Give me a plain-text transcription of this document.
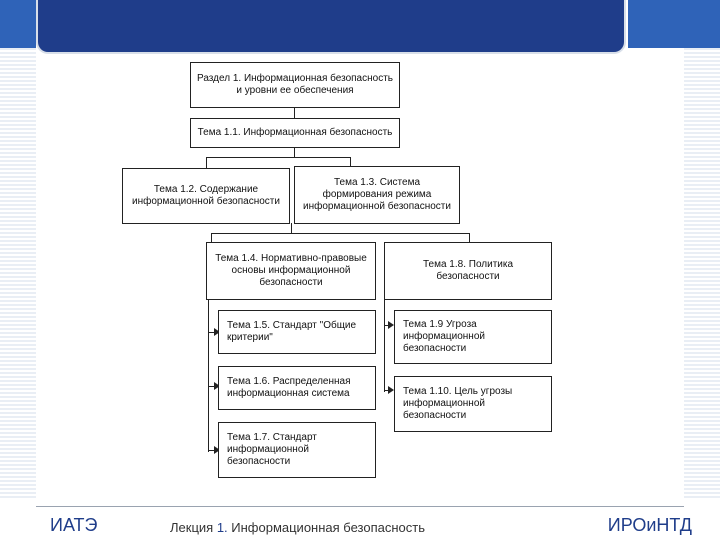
Раздел 1. Информационная безопасность и уровни ее обеспечения
Тема 1.1. Информационная безопасность
Тема 1.2. Содержание информационной безопасности
Тема 1.3. Система формирования режима информационной безопасности
Тема 1.4. Нормативно-правовые основы информационной безопасности
Тема 1.8. Политика безопасности
Тема 1.5. Стандарт "Общие критерии"
Тема 1.6. Распределенная информационная система
Тема 1.7. Стандарт информационной безопасности
Тема 1.9 Угроза информационной безопасности
Тема 1.10. Цель угрозы информационной безопасности
ИАТЭ	Лекция 1. Информационная безопасность	ИРОиНТД
